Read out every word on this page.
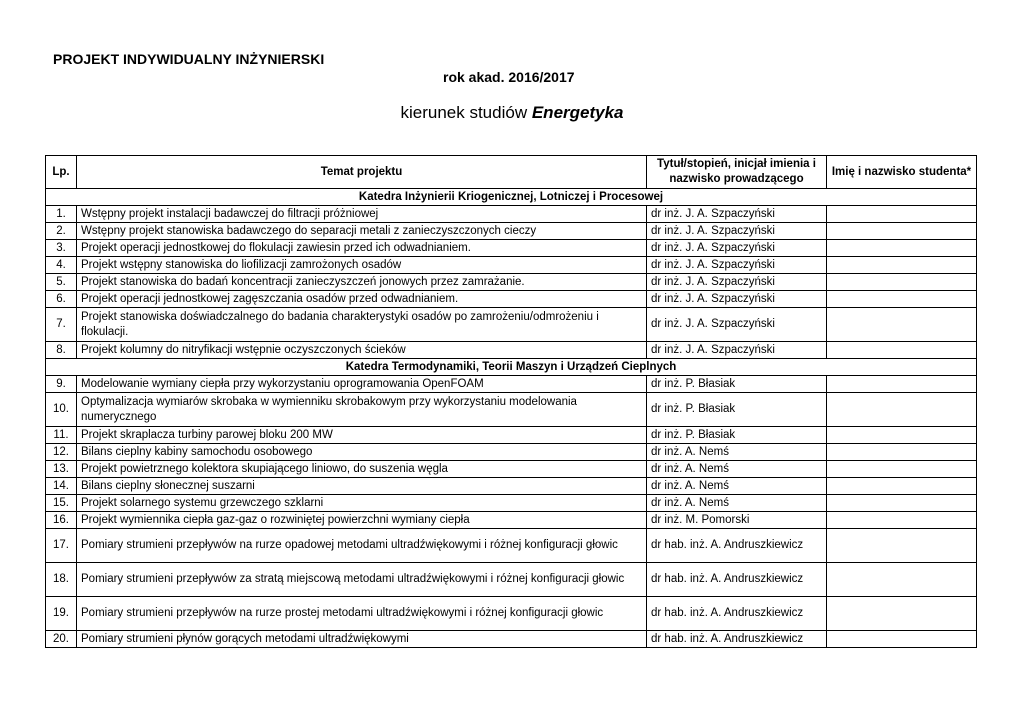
PROJEKT INDYWIDUALNY INŻYNIERSKI
rok akad. 2016/2017
kierunek studiów Energetyka
Lp.	Temat projektu	Tytuł/stopień, inicjał imienia i nazwisko prowadzącego	Imię i nazwisko studenta*
Katedra Inżynierii Kriogenicznej, Lotniczej i Procesowej			
1.	Wstępny projekt instalacji badawczej do filtracji próżniowej	dr inż. J. A. Szpaczyński	
2.	Wstępny projekt stanowiska badawczego do separacji metali z zanieczyszczonych cieczy	dr inż. J. A. Szpaczyński	
3.	Projekt operacji jednostkowej do flokulacji zawiesin przed ich odwadnianiem.	dr inż. J. A. Szpaczyński	
4.	Projekt wstępny stanowiska do liofilizacji zamrożonych osadów	dr inż. J. A. Szpaczyński	
5.	Projekt stanowiska do badań koncentracji zanieczyszczeń jonowych przez zamrażanie.	dr inż. J. A. Szpaczyński	
6.	Projekt operacji jednostkowej zagęszczania osadów przed odwadnianiem.	dr inż. J. A. Szpaczyński	
7.	Projekt stanowiska doświadczalnego do badania charakterystyki osadów po zamrożeniu/odmrożeniu i flokulacji.	dr inż. J. A. Szpaczyński	
8.	Projekt kolumny do nitryfikacji wstępnie oczyszczonych ścieków	dr inż. J. A. Szpaczyński	
Katedra Termodynamiki, Teorii Maszyn i Urządzeń Cieplnych			
9.	Modelowanie wymiany ciepła przy wykorzystaniu oprogramowania OpenFOAM	dr inż. P. Błasiak	
10.	Optymalizacja wymiarów skrobaka w wymienniku skrobakowym przy wykorzystaniu modelowania numerycznego	dr inż. P. Błasiak	
11.	Projekt skraplacza turbiny parowej bloku 200 MW	dr inż. P. Błasiak	
12.	Bilans cieplny kabiny samochodu osobowego	dr inż. A. Nemś	
13.	Projekt powietrznego kolektora skupiającego liniowo, do suszenia węgla	dr inż. A. Nemś	
14.	Bilans cieplny słonecznej suszarni	dr inż. A. Nemś	
15.	Projekt solarnego systemu grzewczego szklarni	dr inż. A. Nemś	
16.	Projekt wymiennika ciepła gaz-gaz o rozwiniętej powierzchni wymiany ciepła	dr inż. M. Pomorski	
17.	Pomiary strumieni przepływów na rurze opadowej metodami ultradźwiękowymi i różnej konfiguracji głowic	dr hab. inż. A. Andruszkiewicz	
18.	Pomiary strumieni przepływów za stratą miejscową metodami ultradźwiękowymi i różnej konfiguracji głowic	dr hab. inż. A. Andruszkiewicz	
19.	Pomiary strumieni przepływów na rurze prostej metodami ultradźwiękowymi i różnej konfiguracji głowic	dr hab. inż. A. Andruszkiewicz	
20.	Pomiary strumieni płynów gorących metodami ultradźwiękowymi	dr hab. inż. A. Andruszkiewicz	
